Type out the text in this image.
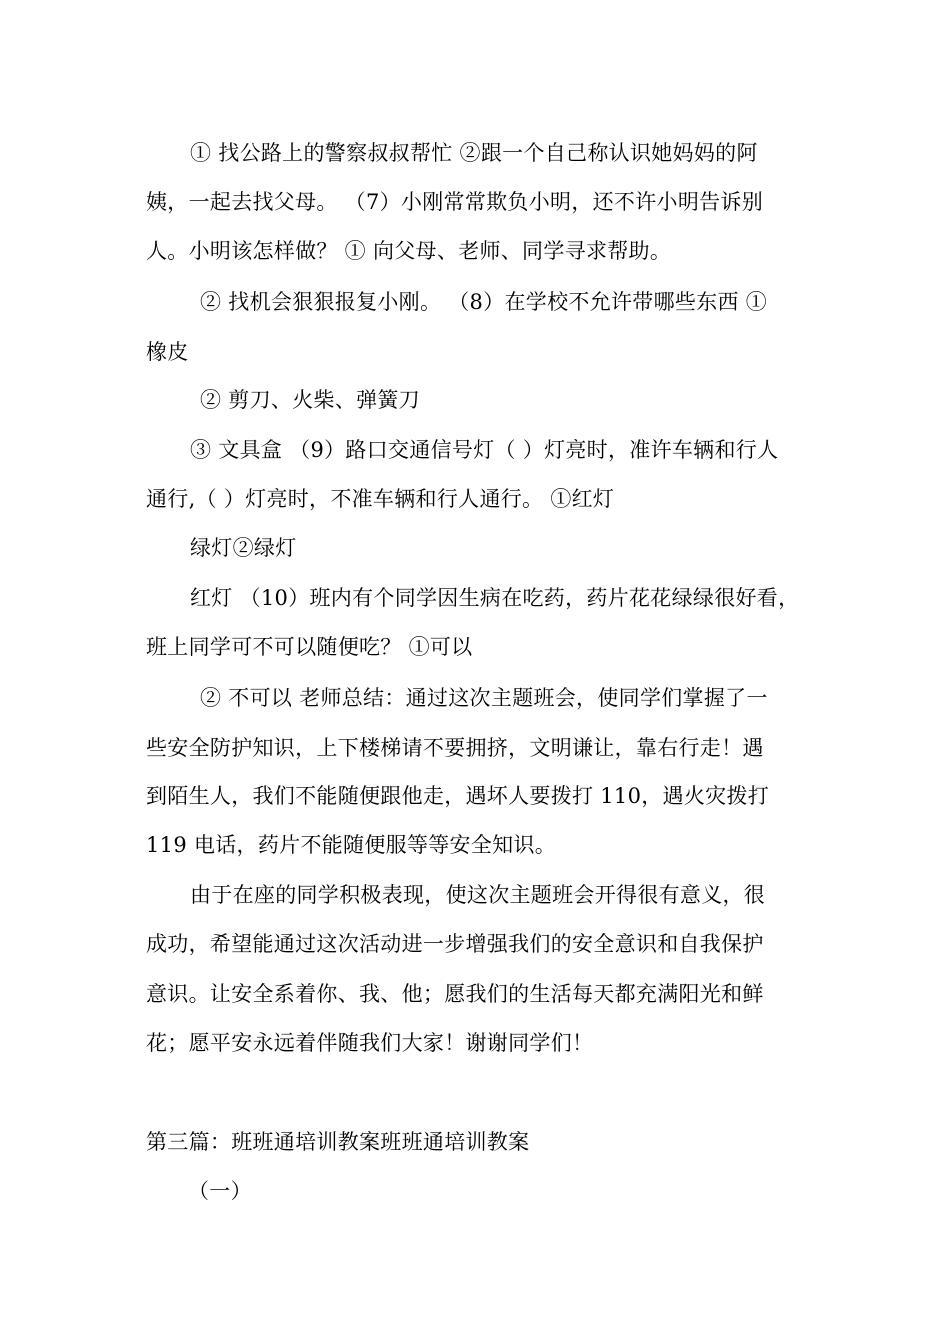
① 找公路上的警察叔叔帮忙 ②跟一个自己称认识她妈妈的阿
姨，一起去找父母。 （7）小刚常常欺负小明，还不许小明告诉别
人。小明该怎样做？ ① 向父母、老师、同学寻求帮助。
② 找机会狠狠报复小刚。 （8）在学校不允许带哪些东西 ①
橡皮
② 剪刀、火柴、弹簧刀
③ 文具盒 （9）路口交通信号灯（ ）灯亮时，准许车辆和行人
通行,（ ）灯亮时，不准车辆和行人通行。 ①红灯
绿灯②绿灯
红灯 （10）班内有个同学因生病在吃药，药片花花绿绿很好看，
班上同学可不可以随便吃？ ①可以
② 不可以 老师总结：通过这次主题班会，使同学们掌握了一
些安全防护知识，上下楼梯请不要拥挤，文明谦让，靠右行走！遇
到陌生人，我们不能随便跟他走，遇坏人要拨打 110，遇火灾拨打
119 电话，药片不能随便服等等安全知识。
由于在座的同学积极表现，使这次主题班会开得很有意义，很
成功，希望能通过这次活动进一步增强我们的安全意识和自我保护
意识。让安全系着你、我、他；愿我们的生活每天都充满阳光和鲜
花；愿平安永远着伴随我们大家！谢谢同学们！
第三篇：班班通培训教案班班通培训教案
（一）
